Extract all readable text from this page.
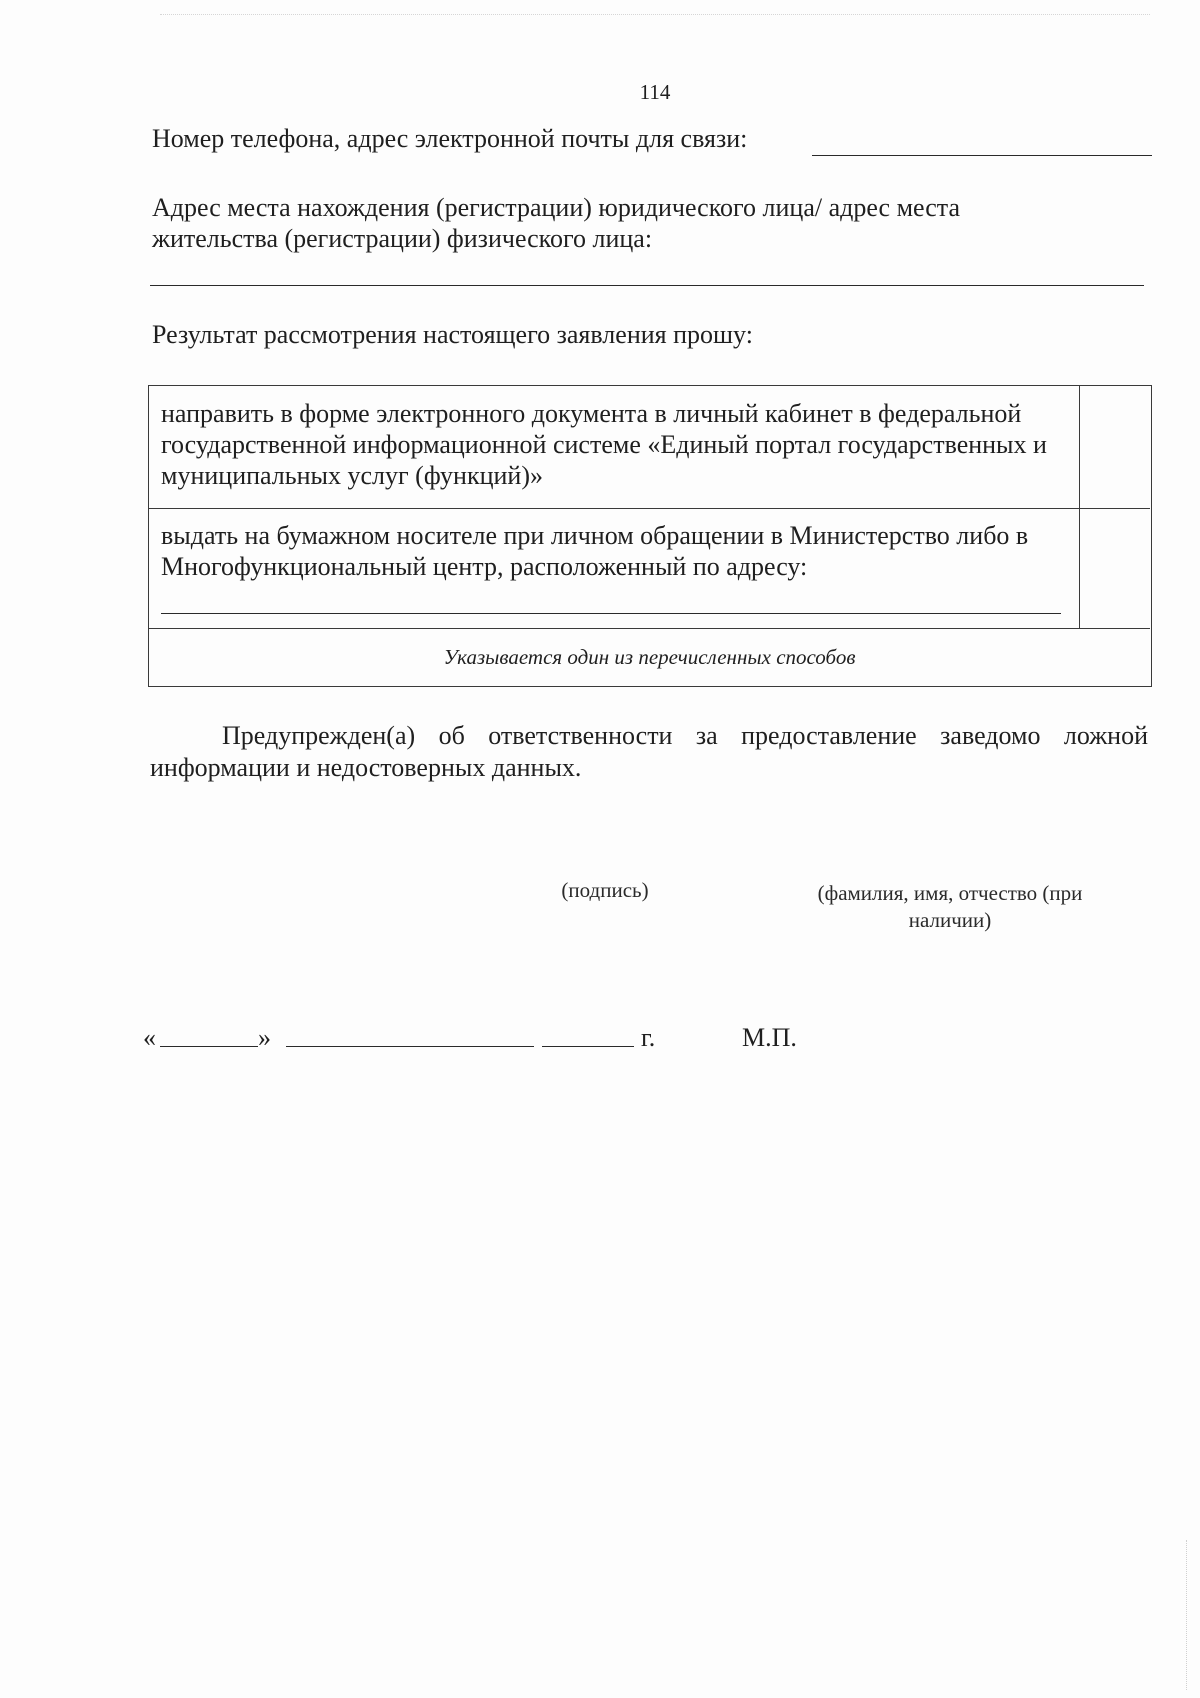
114
Номер телефона, адрес электронной почты для связи:
Адрес места нахождения (регистрации) юридического лица/ адрес места жительства (регистрации) физического лица:
Результат рассмотрения настоящего заявления прошу:
направить в форме электронного документа в личный кабинет в федеральной государственной информационной системе «Единый портал государственных и муниципальных услуг (функций)»
выдать на бумажном носителе при личном обращении в Министерство либо в Многофункциональный центр, расположенный по адресу:
Указывается один из перечисленных способов
Предупрежден(а) об ответственности за предоставление заведомо ложной информации и недостоверных данных.
(подпись)	(фамилия, имя, отчество (при наличии)
«	»	г.	М.П.
